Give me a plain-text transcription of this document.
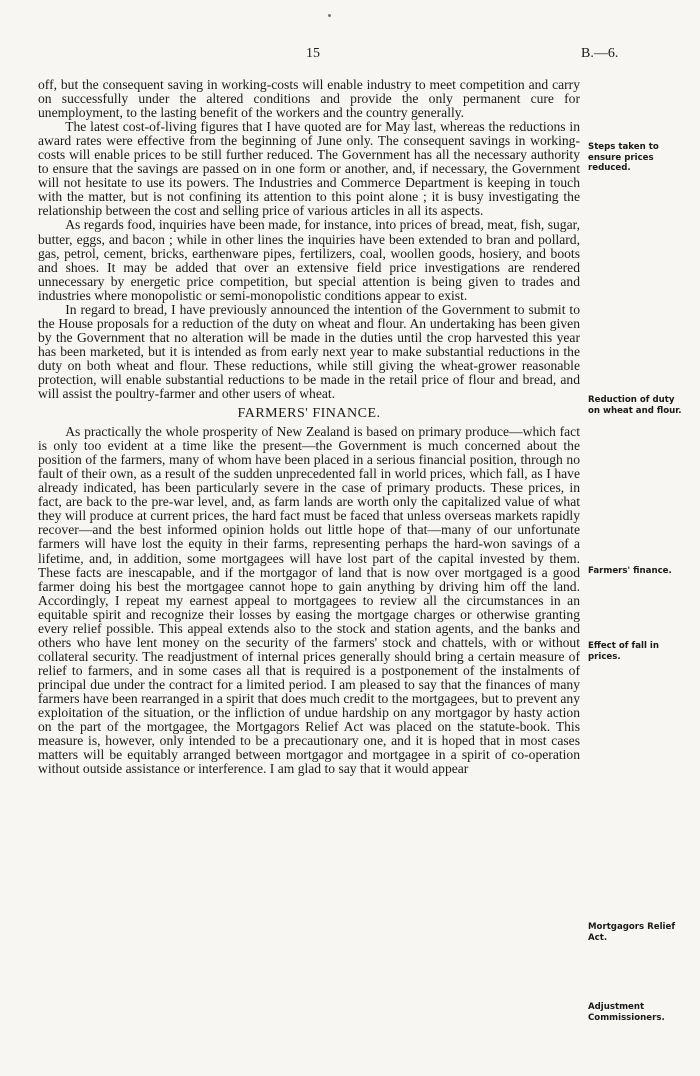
15	B.—6.

off, but the consequent saving in working-costs will enable industry to meet competition and carry on successfully under the altered conditions and provide the only permanent cure for unemployment, to the lasting benefit of the workers and the country generally.

The latest cost-of-living figures that I have quoted are for May last, whereas the reductions in award rates were effective from the beginning of June only. The consequent savings in working-costs will enable prices to be still further reduced. The Government has all the necessary authority to ensure that the savings are passed on in one form or another, and, if necessary, the Government will not hesitate to use its powers. The Industries and Commerce Department is keeping in touch with the matter, but is not confining its attention to this point alone ; it is busy investigating the relationship between the cost and selling price of various articles in all its aspects.

As regards food, inquiries have been made, for instance, into prices of bread, meat, fish, sugar, butter, eggs, and bacon ; while in other lines the inquiries have been extended to bran and pollard, gas, petrol, cement, bricks, earthenware pipes, fertilizers, coal, woollen goods, hosiery, and boots and shoes. It may be added that over an extensive field price investigations are rendered unnecessary by energetic price competition, but special attention is being given to trades and industries where monopolistic or semi-monopolistic conditions appear to exist.

In regard to bread, I have previously announced the intention of the Government to submit to the House proposals for a reduction of the duty on wheat and flour. An undertaking has been given by the Government that no alteration will be made in the duties until the crop harvested this year has been marketed, but it is intended as from early next year to make substantial reductions in the duty on both wheat and flour. These reductions, while still giving the wheat-grower reasonable protection, will enable substantial reductions to be made in the retail price of flour and bread, and will assist the poultry-farmer and other users of wheat.

FARMERS' FINANCE.

As practically the whole prosperity of New Zealand is based on primary produce—which fact is only too evident at a time like the present—the Government is much concerned about the position of the farmers, many of whom have been placed in a serious financial position, through no fault of their own, as a result of the sudden unprecedented fall in world prices, which fall, as I have already indicated, has been particularly severe in the case of primary products. These prices, in fact, are back to the pre-war level, and, as farm lands are worth only the capitalized value of what they will produce at current prices, the hard fact must be faced that unless overseas markets rapidly recover—and the best informed opinion holds out little hope of that—many of our unfortunate farmers will have lost the equity in their farms, representing perhaps the hard-won savings of a lifetime, and, in addition, some mortgagees will have lost part of the capital invested by them. These facts are inescapable, and if the mortgagor of land that is now over mortgaged is a good farmer doing his best the mortgagee cannot hope to gain anything by driving him off the land. Accordingly, I repeat my earnest appeal to mortgagees to review all the circumstances in an equitable spirit and recognize their losses by easing the mortgage charges or otherwise granting every relief possible. This appeal extends also to the stock and station agents, and the banks and others who have lent money on the security of the farmers' stock and chattels, with or without collateral security. The readjustment of internal prices generally should bring a certain measure of relief to farmers, and in some cases all that is required is a postponement of the instalments of principal due under the contract for a limited period. I am pleased to say that the finances of many farmers have been rearranged in a spirit that does much credit to the mortgagees, but to prevent any exploitation of the situation, or the infliction of undue hardship on any mortgagor by hasty action on the part of the mortgagee, the Mortgagors Relief Act was placed on the statute-book. This measure is, however, only intended to be a precautionary one, and it is hoped that in most cases matters will be equitably arranged between mortgagor and mortgagee in a spirit of co-operation without outside assistance or interference. I am glad to say that it would appear

Steps taken to ensure prices reduced.
Reduction of duty on wheat and flour.
Farmers' finance.
Effect of fall in prices.
Mortgagors Relief Act.
Adjustment Commissioners.
